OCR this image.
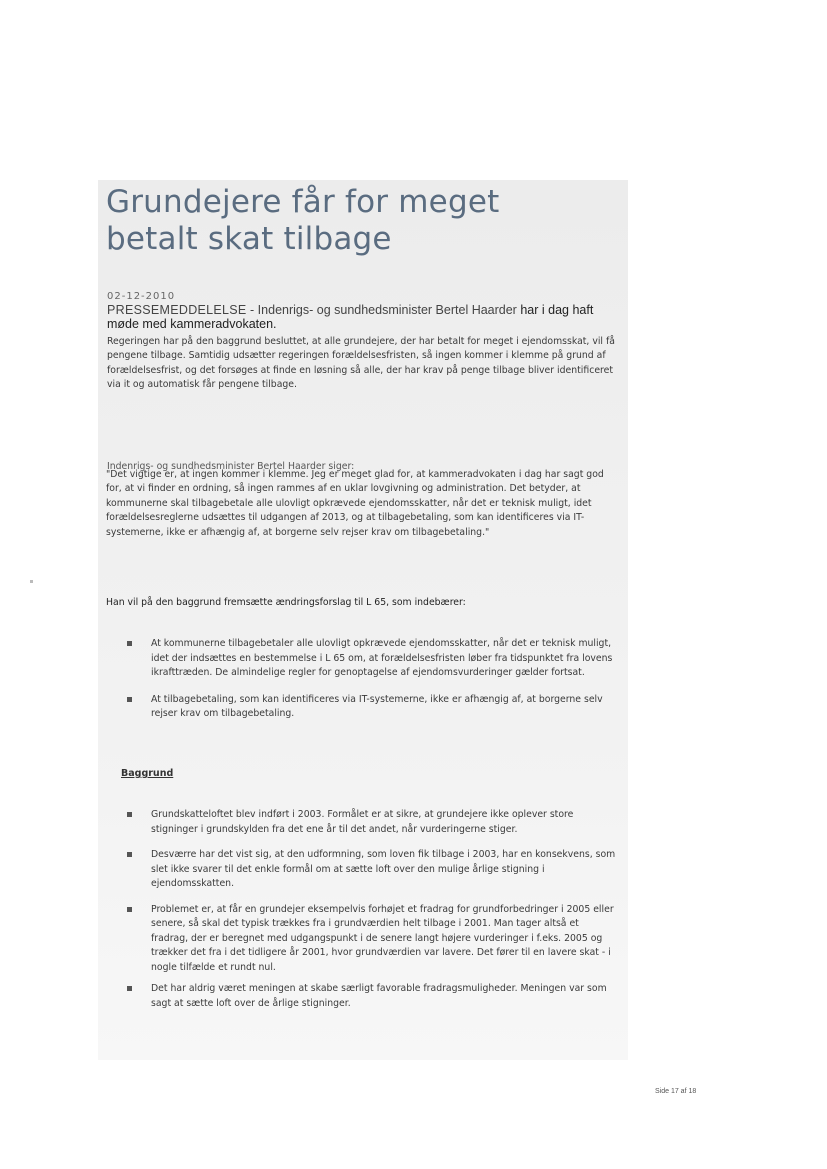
Grundejere får for meget betalt skat tilbage

02-12-2010

PRESSEMEDDELELSE - Indenrigs- og sundhedsminister Bertel Haarder har i dag haft møde med kammeradvokaten.

Regeringen har på den baggrund besluttet, at alle grundejere, der har betalt for meget i ejendomsskat, vil få pengene tilbage. Samtidig udsætter regeringen forældelsesfristen, så ingen kommer i klemme på grund af forældelsesfrist, og det forsøges at finde en løsning så alle, der har krav på penge tilbage bliver identificeret via it og automatisk får pengene tilbage.

Indenrigs- og sundhedsminister Bertel Haarder siger:

"Det vigtige er, at ingen kommer i klemme. Jeg er meget glad for, at kammeradvokaten i dag har sagt god for, at vi finder en ordning, så ingen rammes af en uklar lovgivning og administration. Det betyder, at kommunerne skal tilbagebetale alle ulovligt opkrævede ejendomsskatter, når det er teknisk muligt, idet forældelsesreglerne udsættes til udgangen af 2013, og at tilbagebetaling, som kan identificeres via IT-systemerne, ikke er afhængig af, at borgerne selv rejser krav om tilbagebetaling."

Han vil på den baggrund fremsætte ændringsforslag til L 65, som indebærer:

At kommunerne tilbagebetaler alle ulovligt opkrævede ejendomsskatter, når det er teknisk muligt, idet der indsættes en bestemmelse i L 65 om, at forældelsesfristen løber fra tidspunktet fra lovens ikrafttræden. De almindelige regler for genoptagelse af ejendomsvurderinger gælder fortsat.
At tilbagebetaling, som kan identificeres via IT-systemerne, ikke er afhængig af, at borgerne selv rejser krav om tilbagebetaling.

Baggrund

Grundskatteloftet blev indført i 2003. Formålet er at sikre, at grundejere ikke oplever store stigninger i grundskylden fra det ene år til det andet, når vurderingerne stiger.
Desværre har det vist sig, at den udformning, som loven fik tilbage i 2003, har en konsekvens, som slet ikke svarer til det enkle formål om at sætte loft over den mulige årlige stigning i ejendomsskatten.
Problemet er, at får en grundejer eksempelvis forhøjet et fradrag for grundforbedringer i 2005 eller senere, så skal det typisk trækkes fra i grundværdien helt tilbage i 2001. Man tager altså et fradrag, der er beregnet med udgangspunkt i de senere langt højere vurderinger i f.eks. 2005 og trækker det fra i det tidligere år 2001, hvor grundværdien var lavere. Det fører til en lavere skat - i nogle tilfælde et rundt nul.
Det har aldrig været meningen at skabe særligt favorable fradragsmuligheder. Meningen var som sagt at sætte loft over de årlige stigninger.

Side 17 af 18
